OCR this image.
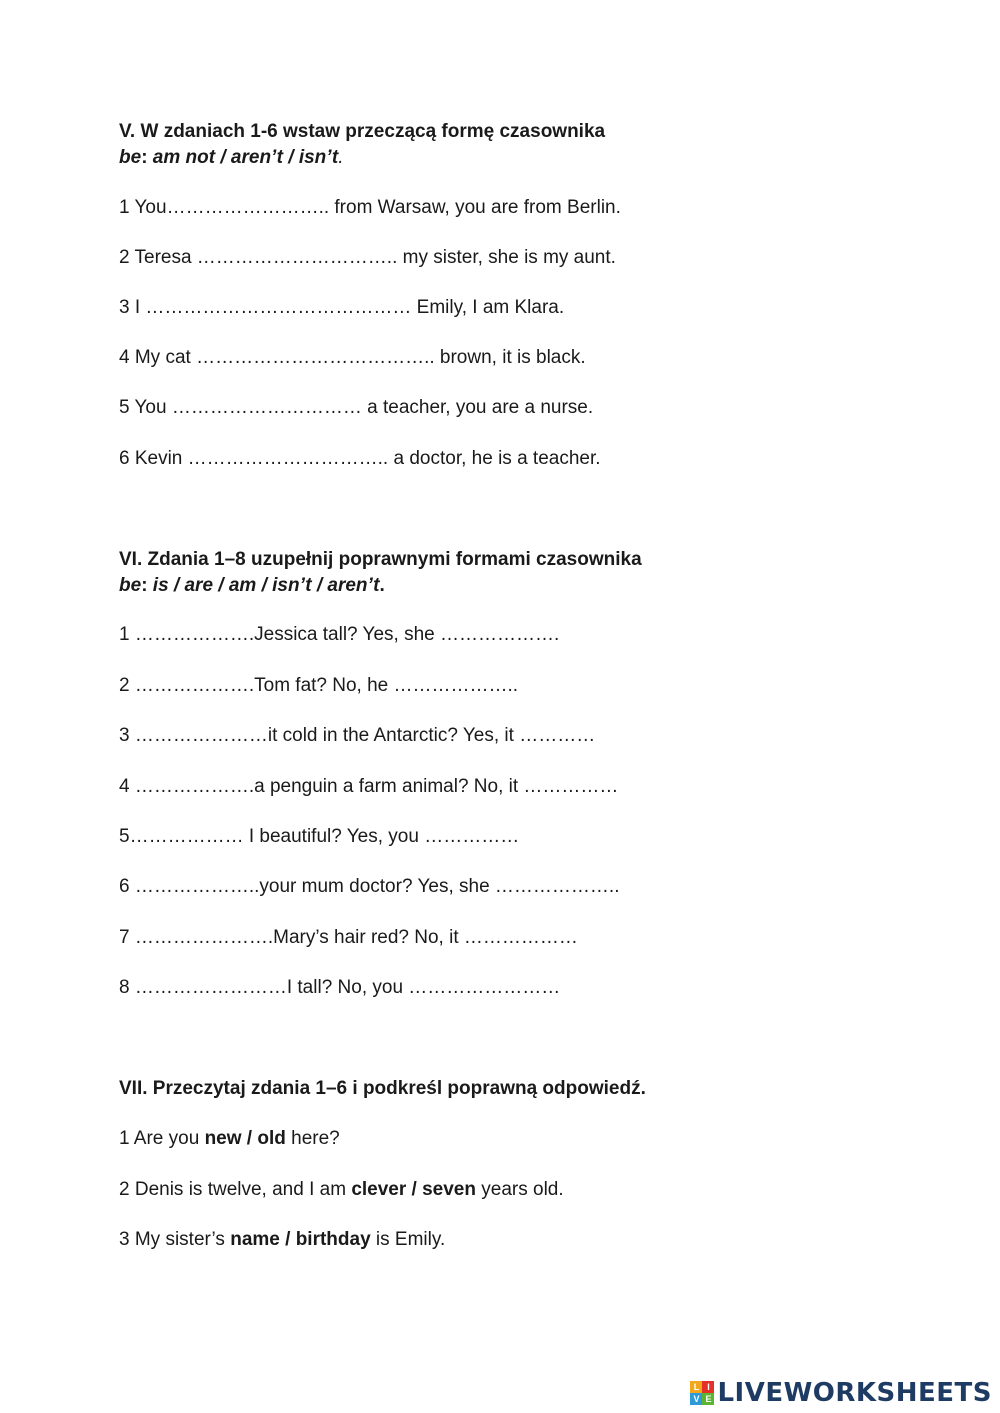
V. W zdaniach 1-6 wstaw przeczącą formę czasownika
be: am not / aren’t / isn’t.
1 You…………………….. from Warsaw, you are from Berlin.
2 Teresa ………………………….. my sister, she is my aunt.
3 I …………………………………… Emily, I am Klara.
4 My cat ……………………………….. brown, it is black.
5 You ………………………… a teacher, you are a nurse.
6 Kevin ………………………….. a doctor, he is a teacher.
VI. Zdania 1–8 uzupełnij poprawnymi formami czasownika
be: is / are / am / isn’t / aren’t.
1 ……………….Jessica tall? Yes, she ……………….
2 ……………….Tom fat? No, he ………………..
3 …………………it cold in the Antarctic? Yes, it …………
4 ……………….a penguin a farm animal? No, it ……………
5……………… I beautiful? Yes, you ……………
6 ………………..your mum doctor? Yes, she ………………..
7 ………………….Mary’s hair red? No, it ………………
8 ……………………I tall? No, you ……………………
VII. Przeczytaj zdania 1–6 i podkreśl poprawną odpowiedź.
1 Are you new / old here?
2 Denis is twelve, and I am clever / seven years old.
3 My sister’s name / birthday is Emily.
L I
V E LIVEWORKSHEETS
